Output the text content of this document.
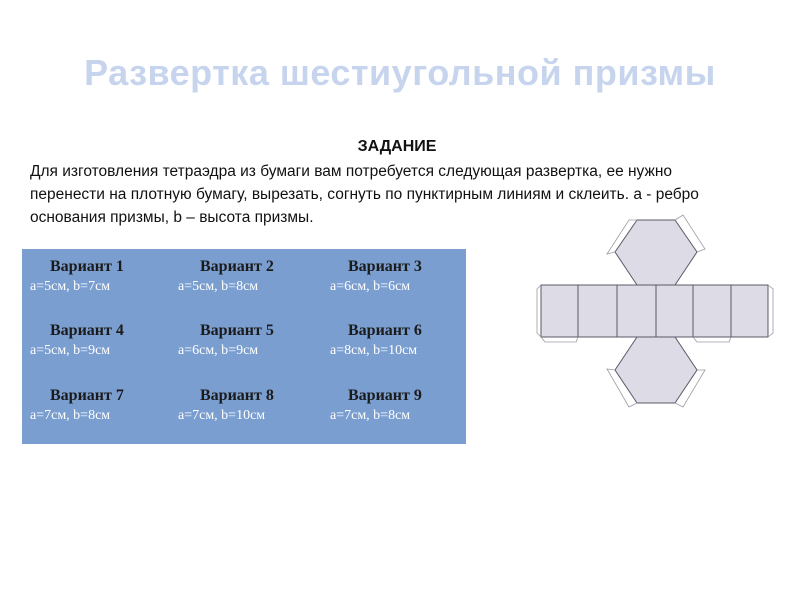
Развертка шестиугольной призмы
ЗАДАНИЕ
Для изготовления тетраэдра из бумаги вам потребуется следующая развертка, ее нужно перенести на плотную бумагу, вырезать, согнуть по пунктирным линиям и склеить. а - ребро основания призмы, b – высота призмы.
Вариант 1
a=5см, b=7см
Вариант 2
a=5см, b=8см
Вариант 3
a=6см, b=6см
Вариант 4
a=5см, b=9см
Вариант 5
a=6см, b=9см
Вариант 6
a=8см, b=10см
Вариант 7
a=7см, b=8см
Вариант 8
a=7см, b=10см
Вариант 9
a=7см, b=8см
